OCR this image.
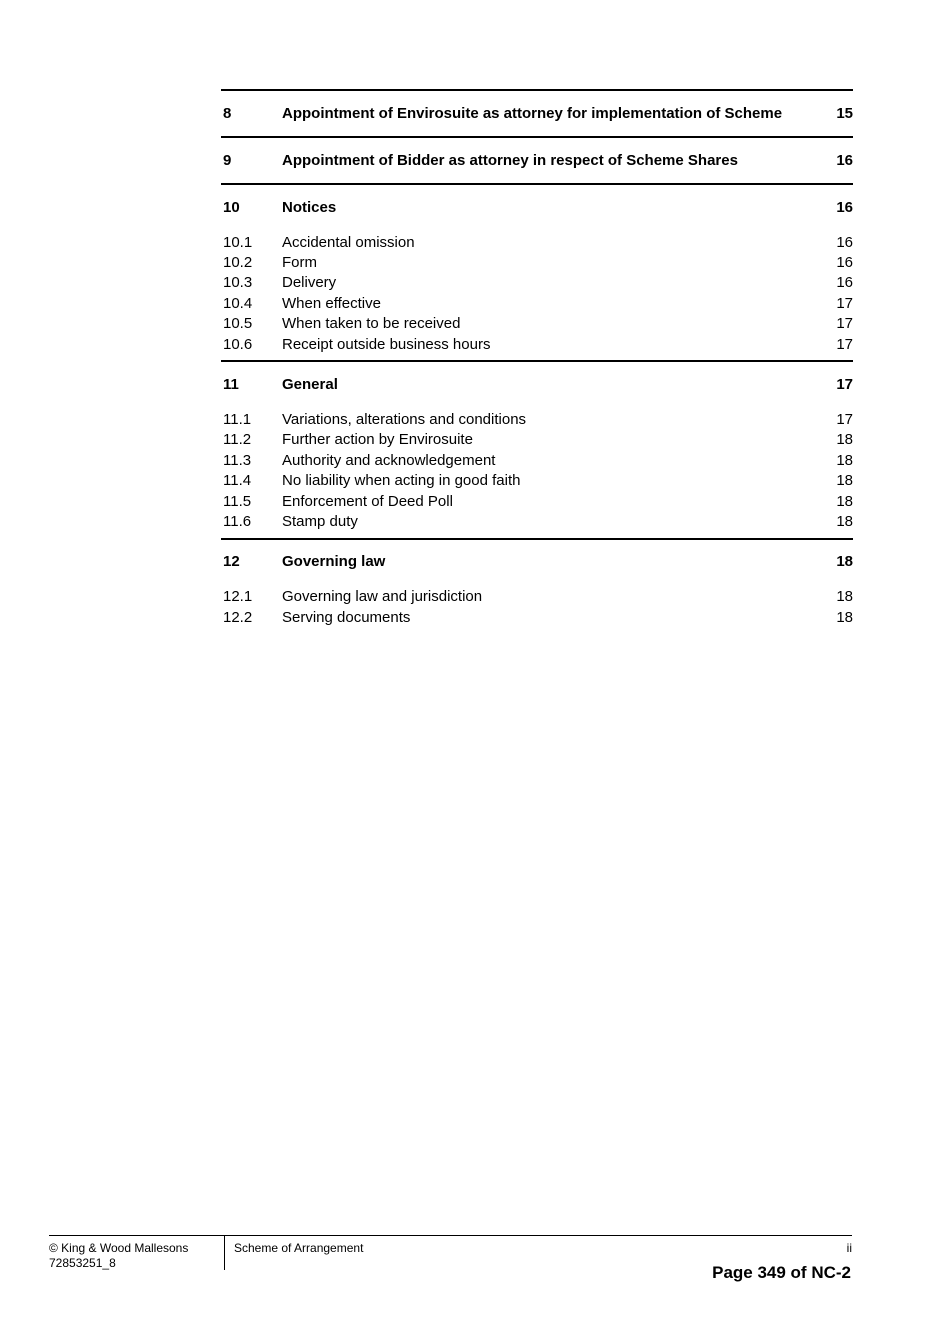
8	Appointment of Envirosuite as attorney for implementation of Scheme	15
9	Appointment of Bidder as attorney in respect of Scheme Shares	16
10	Notices	16
10.1	Accidental omission	16
10.2	Form	16
10.3	Delivery	16
10.4	When effective	17
10.5	When taken to be received	17
10.6	Receipt outside business hours	17
11	General	17
11.1	Variations, alterations and conditions	17
11.2	Further action by Envirosuite	18
11.3	Authority and acknowledgement	18
11.4	No liability when acting in good faith	18
11.5	Enforcement of Deed Poll	18
11.6	Stamp duty	18
12	Governing law	18
12.1	Governing law and jurisdiction	18
12.2	Serving documents	18
© King & Wood Mallesons
72853251_8
Scheme of Arrangement	ii
Page 349 of NC-2
